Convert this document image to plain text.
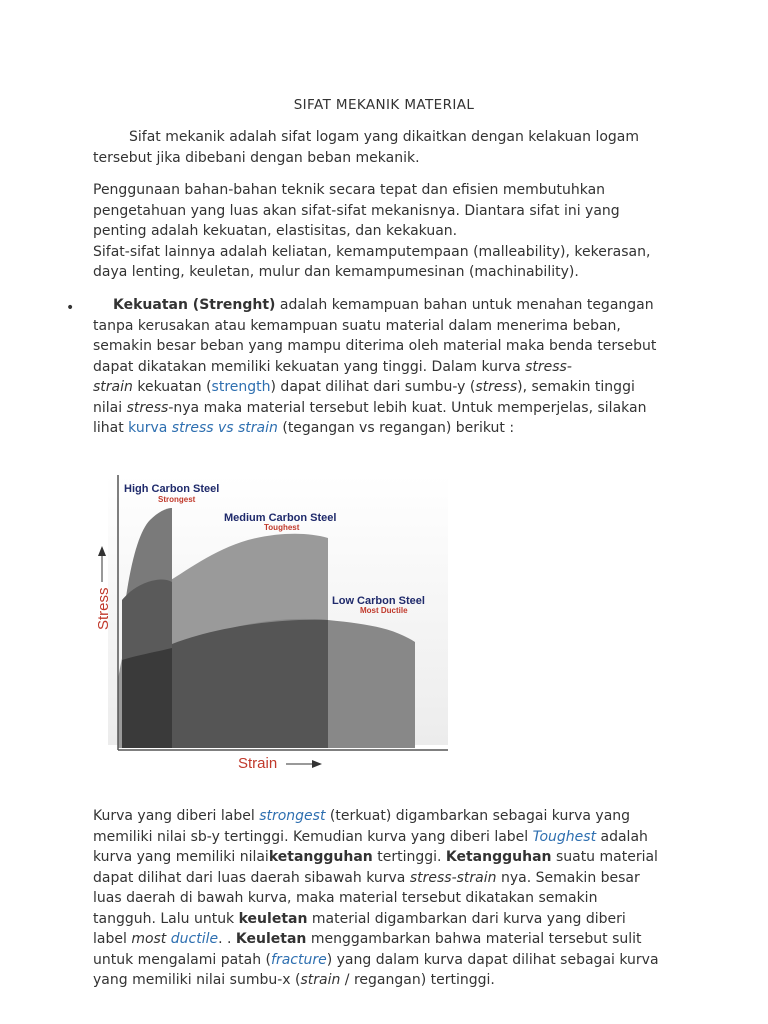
SIFAT MEKANIK MATERIAL
Sifat mekanik adalah sifat logam yang dikaitkan dengan kelakuan logam
tersebut jika dibebani dengan beban mekanik.
Penggunaan bahan-bahan teknik secara tepat dan efisien membutuhkan
pengetahuan yang luas akan sifat-sifat mekanisnya. Diantara sifat ini yang
penting adalah kekuatan, elastisitas, dan kekakuan.
Sifat-sifat lainnya adalah keliatan, kemamputempaan (malleability), kekerasan,
daya lenting, keuletan, mulur dan kemampumesinan (machinability).
•	Kekuatan (Strenght) adalah kemampuan bahan untuk menahan tegangan
tanpa kerusakan atau kemampuan suatu material dalam menerima beban,
semakin besar beban yang mampu diterima oleh material maka benda tersebut
dapat dikatakan memiliki kekuatan yang tinggi. Dalam kurva stress-
strain kekuatan (strength) dapat dilihat dari sumbu-y (stress), semakin tinggi
nilai stress-nya maka material tersebut lebih kuat. Untuk memperjelas, silakan
lihat kurva stress vs strain (tegangan vs regangan) berikut :
High Carbon Steel
Strongest
Medium Carbon Steel
Toughest
Low Carbon Steel
Most Ductile
Stress
Strain
Kurva yang diberi label strongest (terkuat) digambarkan sebagai kurva yang
memiliki nilai sb-y tertinggi. Kemudian kurva yang diberi label Toughest adalah
kurva yang memiliki nilaiketangguhan tertinggi. Ketangguhan suatu material
dapat dilihat dari luas daerah sibawah kurva stress-strain nya. Semakin besar
luas daerah di bawah kurva, maka material tersebut dikatakan semakin
tangguh. Lalu untuk keuletan material digambarkan dari kurva yang diberi
label most ductile. . Keuletan menggambarkan bahwa material tersebut sulit
untuk mengalami patah (fracture) yang dalam kurva dapat dilihat sebagai kurva
yang memiliki nilai sumbu-x (strain / regangan) tertinggi.
